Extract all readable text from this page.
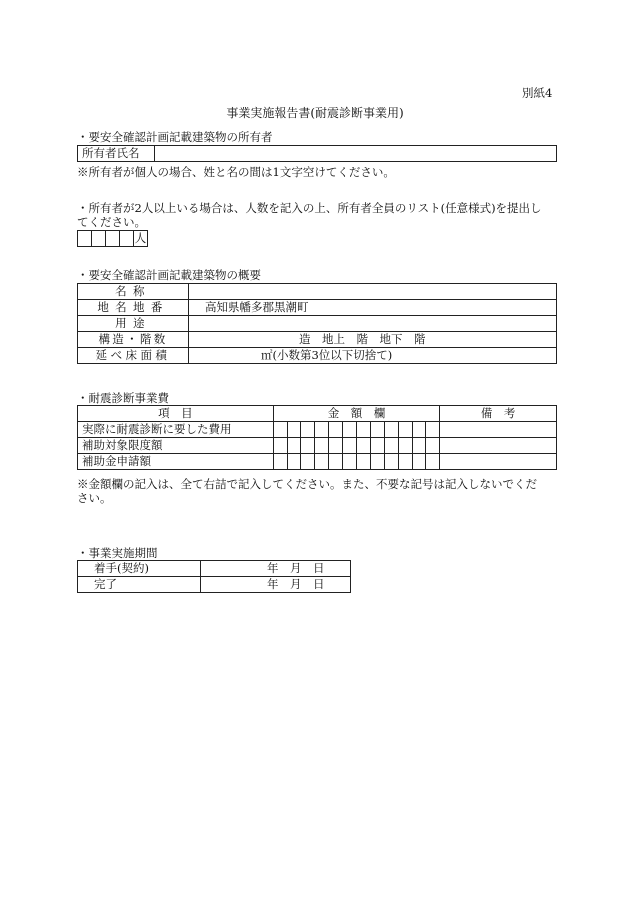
別紙4
事業実施報告書(耐震診断事業用)
・要安全確認計画記載建築物の所有者
所有者氏名	
※所有者が個人の場合、姓と名の間は1文字空けてください。
・所有者が2人以上いる場合は、人数を記入の上、所有者全員のリスト(任意様式)を提出し
てください。
				人
・要安全確認計画記載建築物の概要
名称	
地名地番	高知県幡多郡黒潮町
用途	
構造・階数	造　地上　階　地下　階
延べ床面積	㎡(小数第3位以下切捨て)
・耐震診断事業費
項　目	金　額　欄												備　考
実際に耐震診断に要した費用													
補助対象限度額													
補助金申請額													
※金額欄の記入は、全て右詰で記入してください。また、不要な記号は記入しないでくだ
さい。
・事業実施期間
着手(契約)	年　月　日
完了	年　月　日
